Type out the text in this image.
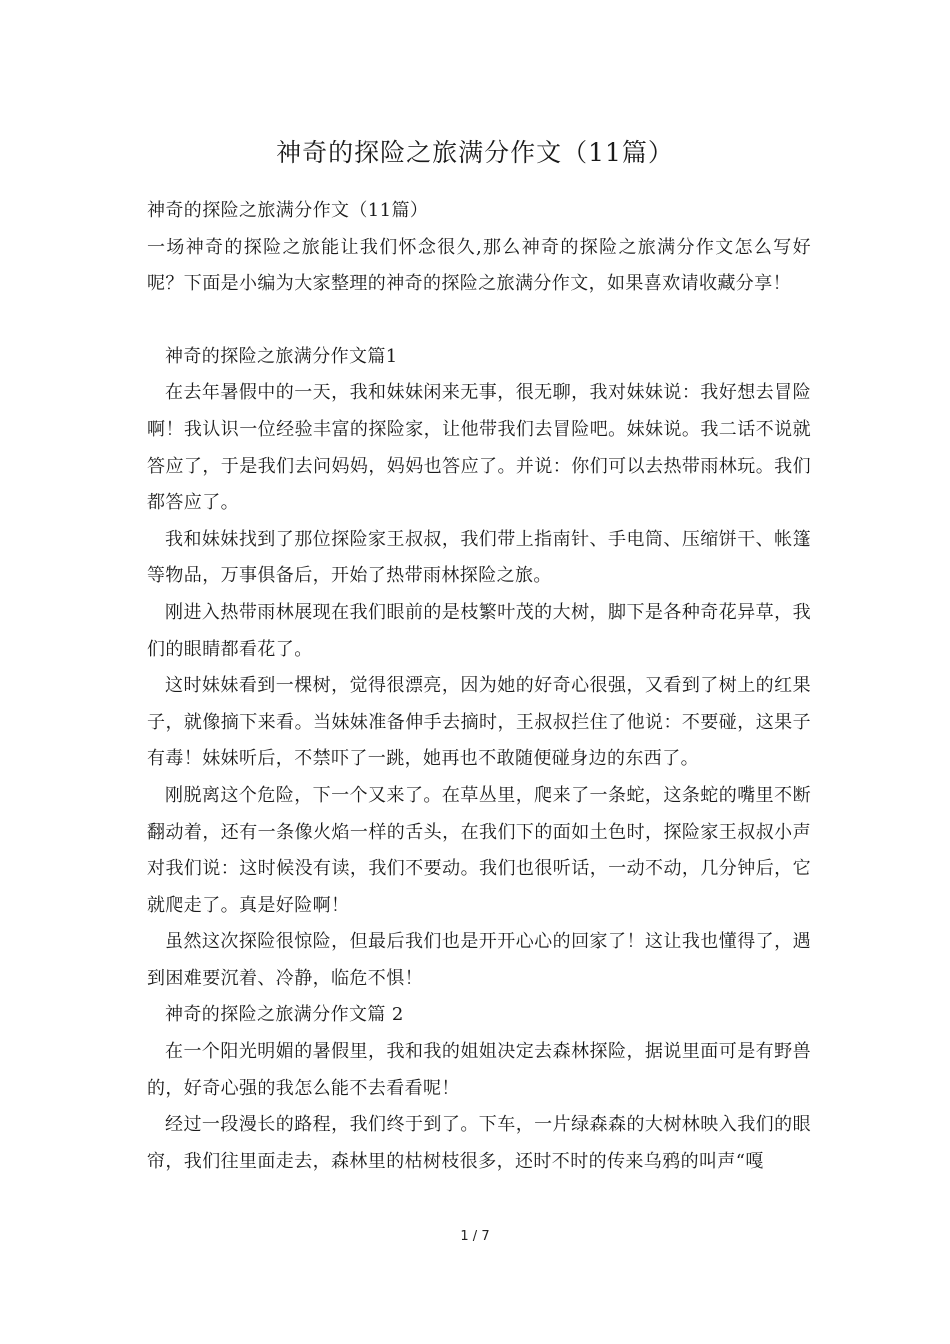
神奇的探险之旅满分作文（11篇）

神奇的探险之旅满分作文（11篇）

一场神奇的探险之旅能让我们怀念很久,那么神奇的探险之旅满分作文怎么写好呢？下面是小编为大家整理的神奇的探险之旅满分作文，如果喜欢请收藏分享！

神奇的探险之旅满分作文篇1

在去年暑假中的一天，我和妹妹闲来无事，很无聊，我对妹妹说：我好想去冒险啊！我认识一位经验丰富的探险家，让他带我们去冒险吧。妹妹说。我二话不说就答应了，于是我们去问妈妈，妈妈也答应了。并说：你们可以去热带雨林玩。我们都答应了。

我和妹妹找到了那位探险家王叔叔，我们带上指南针、手电筒、压缩饼干、帐篷等物品，万事俱备后，开始了热带雨林探险之旅。

刚进入热带雨林展现在我们眼前的是枝繁叶茂的大树，脚下是各种奇花异草，我们的眼睛都看花了。

这时妹妹看到一棵树，觉得很漂亮，因为她的好奇心很强，又看到了树上的红果子，就像摘下来看。当妹妹准备伸手去摘时，王叔叔拦住了他说：不要碰，这果子有毒！妹妹听后，不禁吓了一跳，她再也不敢随便碰身边的东西了。

刚脱离这个危险，下一个又来了。在草丛里，爬来了一条蛇，这条蛇的嘴里不断翻动着，还有一条像火焰一样的舌头，在我们下的面如土色时，探险家王叔叔小声对我们说：这时候没有读，我们不要动。我们也很听话，一动不动，几分钟后，它就爬走了。真是好险啊！

虽然这次探险很惊险，但最后我们也是开开心心的回家了！这让我也懂得了，遇到困难要沉着、冷静，临危不惧！

神奇的探险之旅满分作文篇 2

在一个阳光明媚的暑假里，我和我的姐姐决定去森林探险，据说里面可是有野兽的，好奇心强的我怎么能不去看看呢！

经过一段漫长的路程，我们终于到了。下车，一片绿森森的大树林映入我们的眼帘，我们往里面走去，森林里的枯树枝很多，还时不时的传来乌鸦的叫声“嘎

1 / 7
